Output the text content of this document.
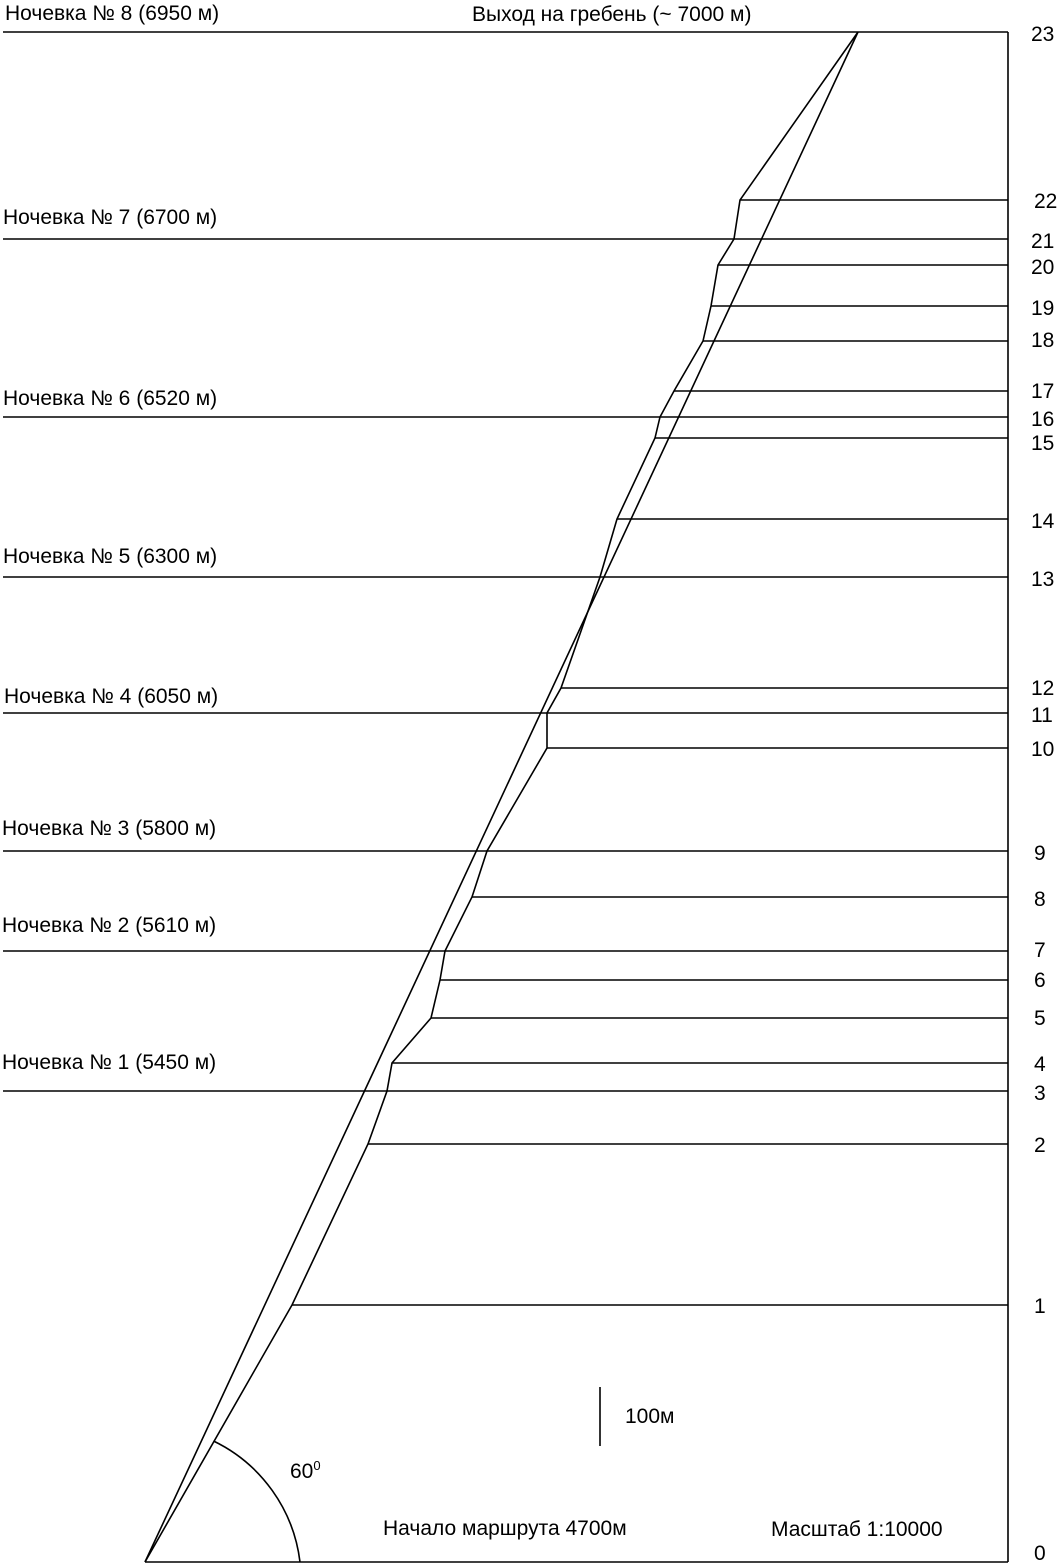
$60^0$
100м
Ночевка № 8 (6950 м)
Ночевка № 7 (6700 м)
Ночевка № 6 (6520 м)
Ночевка № 5 (6300 м)
Ночевка № 4 (6050 м)
Ночевка № 3 (5800 м)
Ночевка № 2 (5610 м)
Ночевка № 1 (5450 м)
Выход на гребень (~ 7000 м)
0
1
2
3
4
5
6
7
8
9
10
11
12
13
14
15
16
17
18
19
20
21
22
23
Начало маршрута 4700м	Масштаб 1:10000
